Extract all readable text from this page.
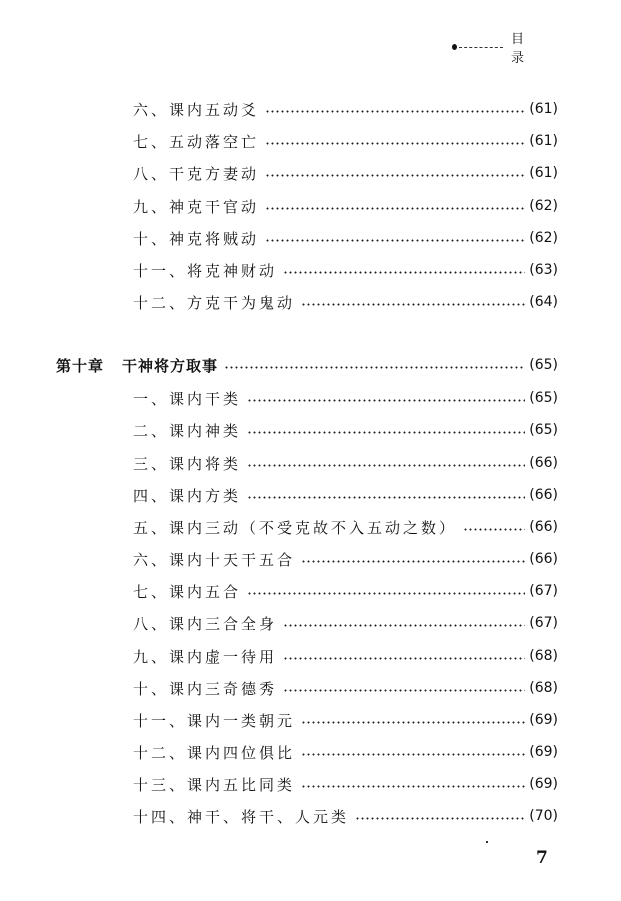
目 录
六、课内五动爻	(61)
七、五动落空亡	(61)
八、干克方妻动	(61)
九、神克干官动	(62)
十、神克将贼动	(62)
十一、将克神财动	(63)
十二、方克干为鬼动	(64)
第十章 干神将方取事	(65)
一、课内干类	(65)
二、课内神类	(65)
三、课内将类	(66)
四、课内方类	(66)
五、课内三动（不受克故不入五动之数）	(66)
六、课内十天干五合	(66)
七、课内五合	(67)
八、课内三合全身	(67)
九、课内虚一待用	(68)
十、课内三奇德秀	(68)
十一、课内一类朝元	(69)
十二、课内四位俱比	(69)
十三、课内五比同类	(69)
十四、神干、将干、人元类	(70)
7
